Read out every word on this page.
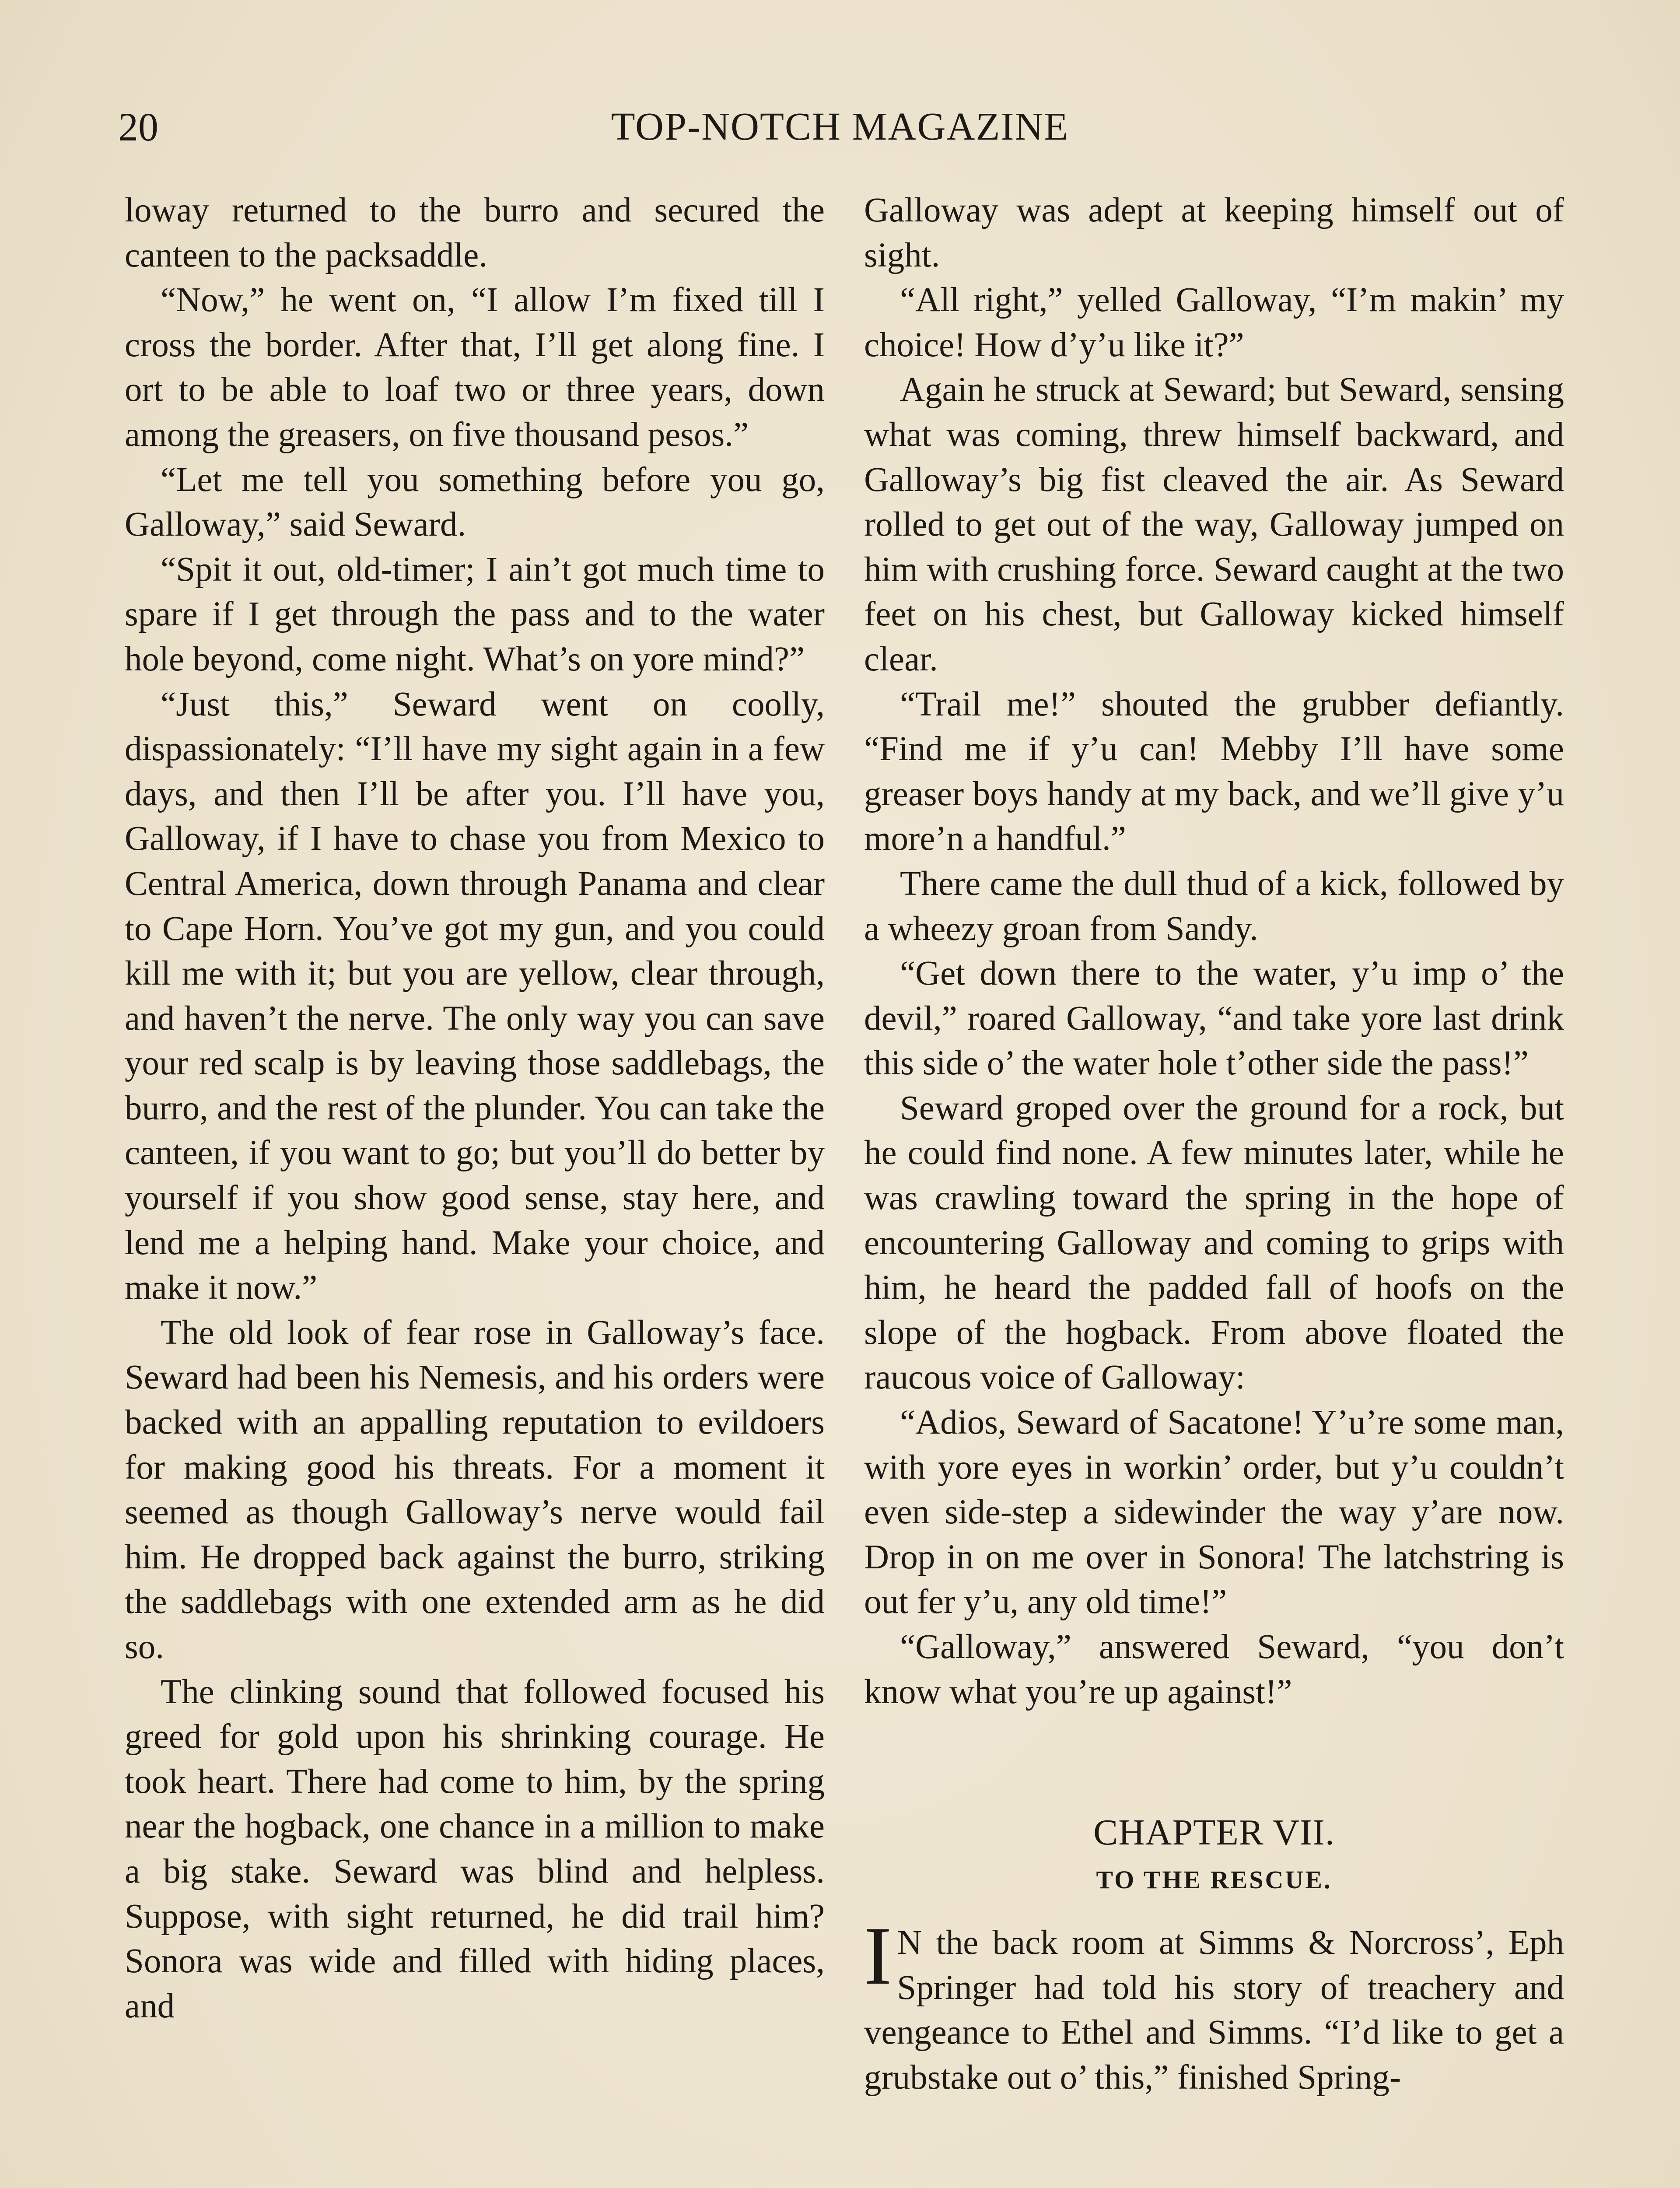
20	TOP-NOTCH MAGAZINE

loway returned to the burro and secured the canteen to the packsaddle.

“Now,” he went on, “I allow I’m fixed till I cross the border. After that, I’ll get along fine. I ort to be able to loaf two or three years, down among the greasers, on five thousand pesos.”

“Let me tell you something before you go, Galloway,” said Seward.

“Spit it out, old-timer; I ain’t got much time to spare if I get through the pass and to the water hole beyond, come night. What’s on yore mind?”

“Just this,” Seward went on coolly, dispassionately: “I’ll have my sight again in a few days, and then I’ll be after you. I’ll have you, Galloway, if I have to chase you from Mexico to Central America, down through Panama and clear to Cape Horn. You’ve got my gun, and you could kill me with it; but you are yellow, clear through, and haven’t the nerve. The only way you can save your red scalp is by leaving those saddlebags, the burro, and the rest of the plunder. You can take the canteen, if you want to go; but you’ll do better by yourself if you show good sense, stay here, and lend me a helping hand. Make your choice, and make it now.”

The old look of fear rose in Galloway’s face. Seward had been his Nemesis, and his orders were backed with an appalling reputation to evildoers for making good his threats. For a moment it seemed as though Galloway’s nerve would fail him. He dropped back against the burro, striking the saddlebags with one extended arm as he did so.

The clinking sound that followed focused his greed for gold upon his shrinking courage. He took heart. There had come to him, by the spring near the hogback, one chance in a million to make a big stake. Seward was blind and helpless. Suppose, with sight returned, he did trail him? Sonora was wide and filled with hiding places, and

Galloway was adept at keeping himself out of sight.

“All right,” yelled Galloway, “I’m makin’ my choice! How d’y’u like it?”

Again he struck at Seward; but Seward, sensing what was coming, threw himself backward, and Galloway’s big fist cleaved the air. As Seward rolled to get out of the way, Galloway jumped on him with crushing force. Seward caught at the two feet on his chest, but Galloway kicked himself clear.

“Trail me!” shouted the grubber defiantly. “Find me if y’u can! Mebby I’ll have some greaser boys handy at my back, and we’ll give y’u more’n a handful.”

There came the dull thud of a kick, followed by a wheezy groan from Sandy.

“Get down there to the water, y’u imp o’ the devil,” roared Galloway, “and take yore last drink this side o’ the water hole t’other side the pass!”

Seward groped over the ground for a rock, but he could find none. A few minutes later, while he was crawling toward the spring in the hope of encountering Galloway and coming to grips with him, he heard the padded fall of hoofs on the slope of the hogback. From above floated the raucous voice of Galloway:

“Adios, Seward of Sacatone! Y’u’re some man, with yore eyes in workin’ order, but y’u couldn’t even side-step a sidewinder the way y’are now. Drop in on me over in Sonora! The latchstring is out fer y’u, any old time!”

“Galloway,” answered Seward, “you don’t know what you’re up against!”

CHAPTER VII.
TO THE RESCUE.

I N the back room at Simms & Norcross’, Eph Springer had told his story of treachery and vengeance to Ethel and Simms. “I’d like to get a grubstake out o’ this,” finished Spring-
